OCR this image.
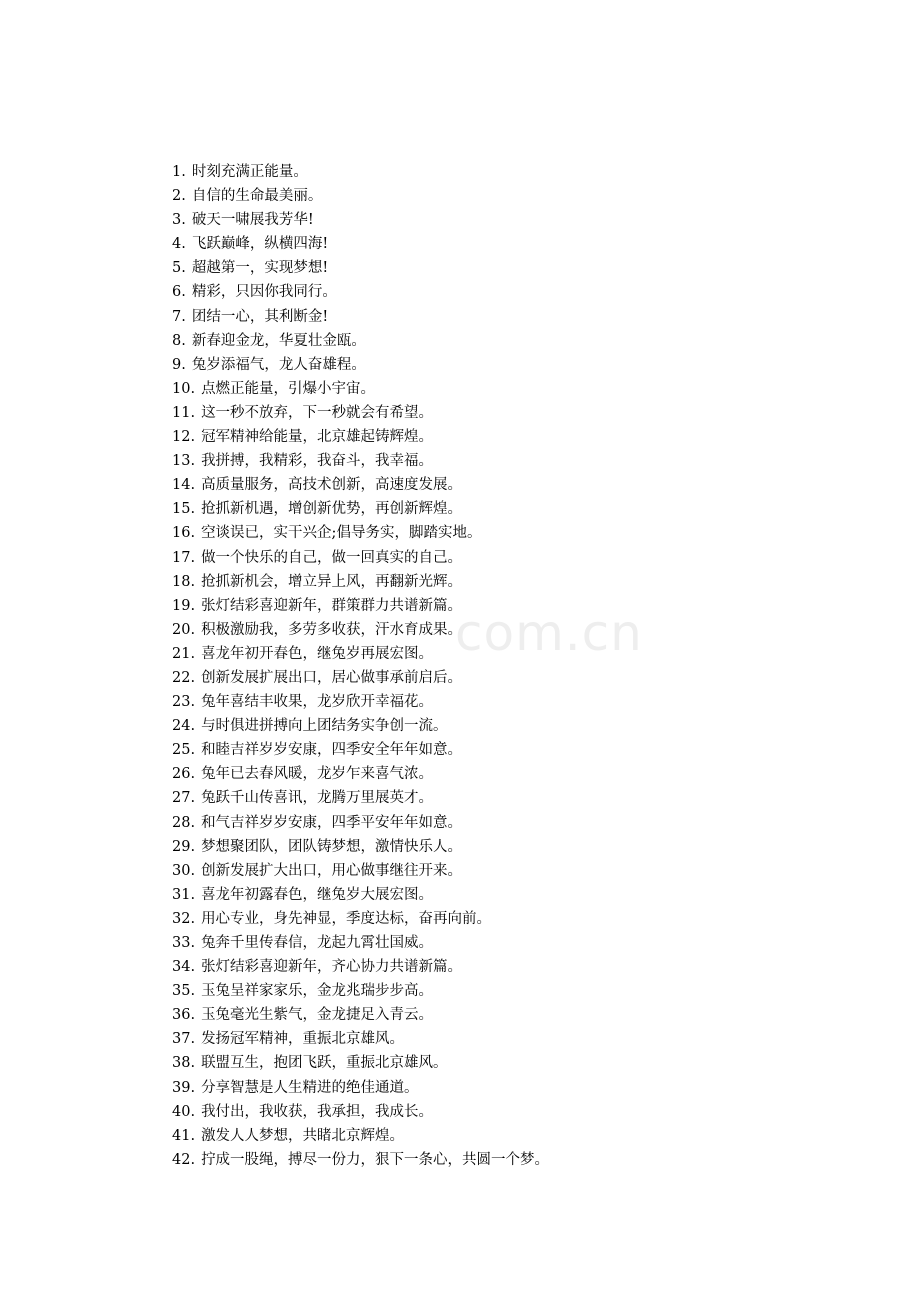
com.cn
1. 时刻充满正能量。
2. 自信的生命最美丽。
3. 破天一啸展我芳华!
4. 飞跃巅峰，纵横四海!
5. 超越第一，实现梦想!
6. 精彩，只因你我同行。
7. 团结一心，其利断金!
8. 新春迎金龙，华夏壮金瓯。
9. 兔岁添福气，龙人奋雄程。
10. 点燃正能量，引爆小宇宙。
11. 这一秒不放弃，下一秒就会有希望。
12. 冠军精神给能量，北京雄起铸辉煌。
13. 我拼搏，我精彩，我奋斗，我幸福。
14. 高质量服务，高技术创新，高速度发展。
15. 抢抓新机遇，增创新优势，再创新辉煌。
16. 空谈误已，实干兴企;倡导务实，脚踏实地。
17. 做一个快乐的自己，做一回真实的自己。
18. 抢抓新机会，增立异上风，再翻新光辉。
19. 张灯结彩喜迎新年，群策群力共谱新篇。
20. 积极激励我，多劳多收获，汗水育成果。
21. 喜龙年初开春色，继兔岁再展宏图。
22. 创新发展扩展出口，居心做事承前启后。
23. 兔年喜结丰收果，龙岁欣开幸福花。
24. 与时俱进拼搏向上团结务实争创一流。
25. 和睦吉祥岁岁安康，四季安全年年如意。
26. 兔年已去春风暖，龙岁乍来喜气浓。
27. 兔跃千山传喜讯，龙腾万里展英才。
28. 和气吉祥岁岁安康，四季平安年年如意。
29. 梦想聚团队，团队铸梦想，激情快乐人。
30. 创新发展扩大出口，用心做事继往开来。
31. 喜龙年初露春色，继兔岁大展宏图。
32. 用心专业，身先神显，季度达标，奋再向前。
33. 兔奔千里传春信，龙起九霄壮国威。
34. 张灯结彩喜迎新年，齐心协力共谱新篇。
35. 玉兔呈祥家家乐，金龙兆瑞步步高。
36. 玉兔毫光生紫气，金龙捷足入青云。
37. 发扬冠军精神，重振北京雄风。
38. 联盟互生，抱团飞跃，重振北京雄风。
39. 分享智慧是人生精进的绝佳通道。
40. 我付出，我收获，我承担，我成长。
41. 激发人人梦想，共睹北京辉煌。
42. 拧成一股绳，搏尽一份力，狠下一条心，共圆一个梦。
